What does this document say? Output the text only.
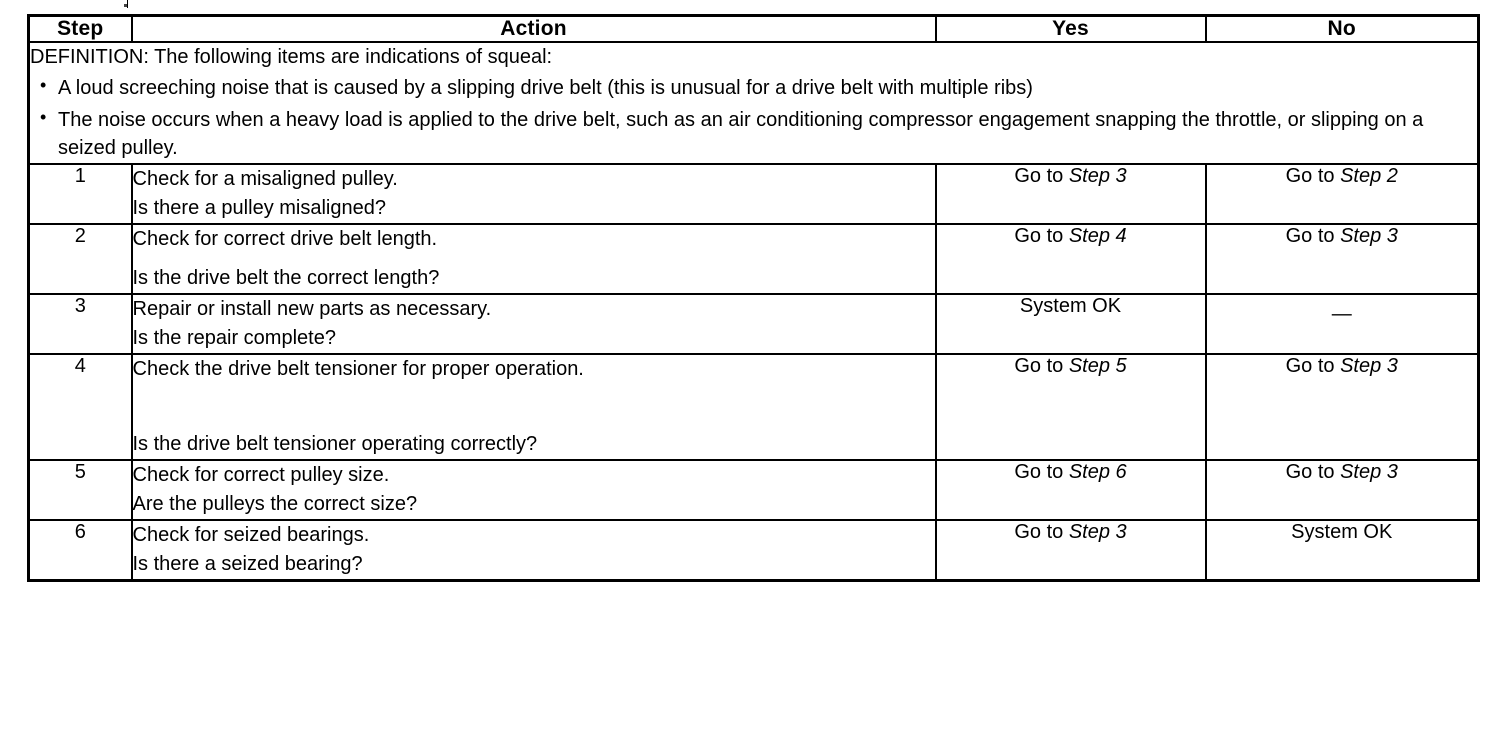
Step	Action	Yes	No

DEFINITION: The following items are indications of squeal:
• A loud screeching noise that is caused by a slipping drive belt (this is unusual for a drive belt with multiple ribs)
• The noise occurs when a heavy load is applied to the drive belt, such as an air conditioning compressor engagement snapping the throttle, or slipping on a seized pulley.

1	Check for a misaligned pulley.
Is there a pulley misaligned?	Go to Step 3	Go to Step 2
2	Check for correct drive belt length.
Is the drive belt the correct length?	Go to Step 4	Go to Step 3
3	Repair or install new parts as necessary.
Is the repair complete?	System OK	—
4	Check the drive belt tensioner for proper operation.
Is the drive belt tensioner operating correctly?	Go to Step 5	Go to Step 3
5	Check for correct pulley size.
Are the pulleys the correct size?	Go to Step 6	Go to Step 3
6	Check for seized bearings.
Is there a seized bearing?	Go to Step 3	System OK
